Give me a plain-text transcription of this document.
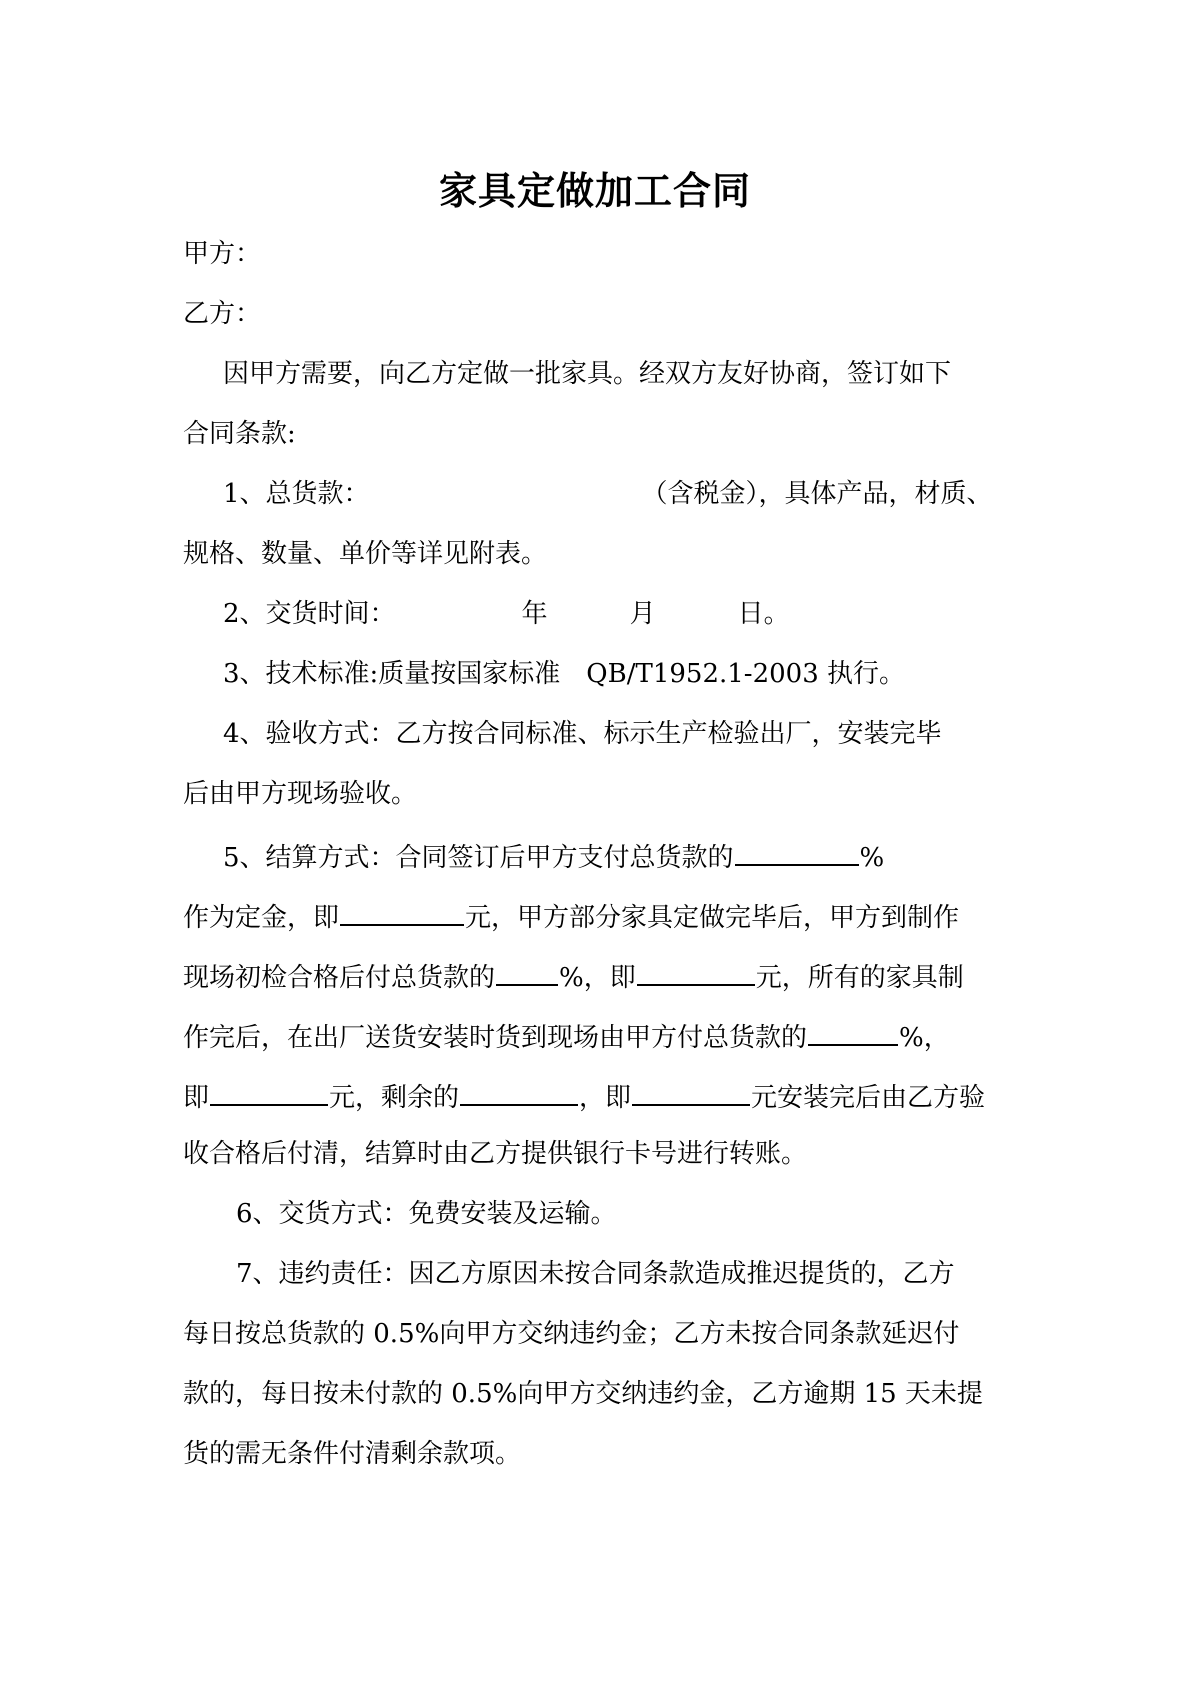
家具定做加工合同
甲方：
乙方：
因甲方需要，向乙方定做一批家具。经双方友好协商，签订如下
合同条款:
1、总货款：	（含税金），具体产品，材质、
规格、数量、单价等详见附表。
2、交货时间：	年	月	日。
3、技术标准:质量按国家标准　QB/T1952.1-2003 执行。
4、验收方式：乙方按合同标准、标示生产检验出厂，安装完毕
后由甲方现场验收。
5、结算方式：合同签订后甲方支付总货款的	%
作为定金，即	元，甲方部分家具定做完毕后，甲方到制作
现场初检合格后付总货款的 %，即	元，所有的家具制
作完后，在出厂送货安装时货到现场由甲方付总货款的	%，
即	元，剩余的	，即	元安装完后由乙方验
收合格后付清，结算时由乙方提供银行卡号进行转账。
6、交货方式：免费安装及运输。
7、违约责任：因乙方原因未按合同条款造成推迟提货的，乙方
每日按总货款的 0.5%向甲方交纳违约金；乙方未按合同条款延迟付
款的，每日按未付款的 0.5%向甲方交纳违约金，乙方逾期 15 天未提
货的需无条件付清剩余款项。
